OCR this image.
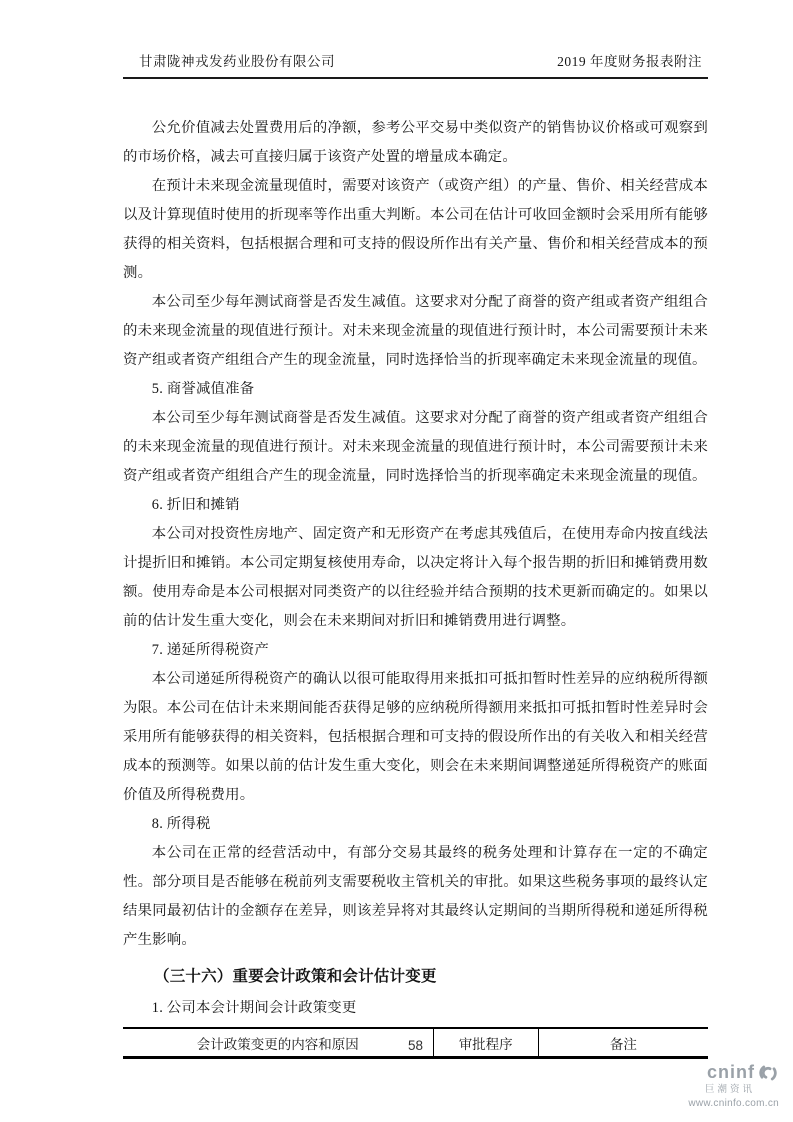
甘肃陇神戎发药业股份有限公司	2019 年度财务报表附注
公允价值减去处置费用后的净额，参考公平交易中类似资产的销售协议价格或可观察到的市场价格，减去可直接归属于该资产处置的增量成本确定。
在预计未来现金流量现值时，需要对该资产（或资产组）的产量、售价、相关经营成本以及计算现值时使用的折现率等作出重大判断。本公司在估计可收回金额时会采用所有能够获得的相关资料，包括根据合理和可支持的假设所作出有关产量、售价和相关经营成本的预测。
本公司至少每年测试商誉是否发生减值。这要求对分配了商誉的资产组或者资产组组合的未来现金流量的现值进行预计。对未来现金流量的现值进行预计时，本公司需要预计未来资产组或者资产组组合产生的现金流量，同时选择恰当的折现率确定未来现金流量的现值。
5. 商誉减值准备
本公司至少每年测试商誉是否发生减值。这要求对分配了商誉的资产组或者资产组组合的未来现金流量的现值进行预计。对未来现金流量的现值进行预计时，本公司需要预计未来资产组或者资产组组合产生的现金流量，同时选择恰当的折现率确定未来现金流量的现值。
6. 折旧和摊销
本公司对投资性房地产、固定资产和无形资产在考虑其残值后，在使用寿命内按直线法计提折旧和摊销。本公司定期复核使用寿命，以决定将计入每个报告期的折旧和摊销费用数额。使用寿命是本公司根据对同类资产的以往经验并结合预期的技术更新而确定的。如果以前的估计发生重大变化，则会在未来期间对折旧和摊销费用进行调整。
7. 递延所得税资产
本公司递延所得税资产的确认以很可能取得用来抵扣可抵扣暂时性差异的应纳税所得额为限。本公司在估计未来期间能否获得足够的应纳税所得额用来抵扣可抵扣暂时性差异时会采用所有能够获得的相关资料，包括根据合理和可支持的假设所作出的有关收入和相关经营成本的预测等。如果以前的估计发生重大变化，则会在未来期间调整递延所得税资产的账面价值及所得税费用。
8. 所得税
本公司在正常的经营活动中，有部分交易其最终的税务处理和计算存在一定的不确定性。部分项目是否能够在税前列支需要税收主管机关的审批。如果这些税务事项的最终认定结果同最初估计的金额存在差异，则该差异将对其最终认定期间的当期所得税和递延所得税产生影响。
（三十六）重要会计政策和会计估计变更
1. 公司本会计期间会计政策变更
会计政策变更的内容和原因	审批程序	备注
58
cninf
巨潮资讯
www.cninfo.com.cn
